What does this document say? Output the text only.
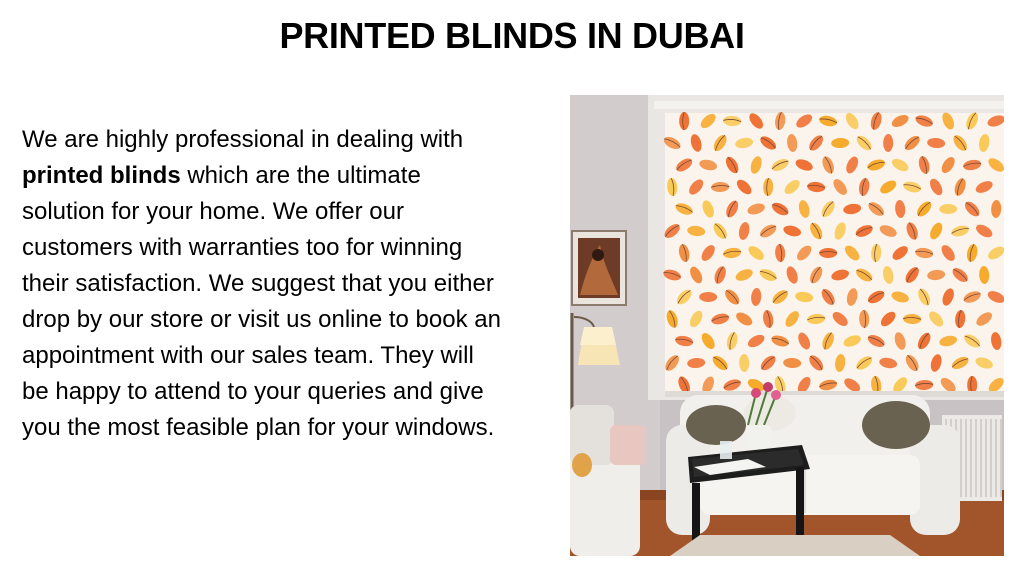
PRINTED BLINDS IN DUBAI
We are highly professional in dealing with printed blinds which are the ultimate solution for your home. We offer our customers with warranties too for winning their satisfaction. We suggest that you either drop by our store or visit us online to book an appointment with our sales team. They will be happy to attend to your queries and give you the most feasible plan for your windows.
